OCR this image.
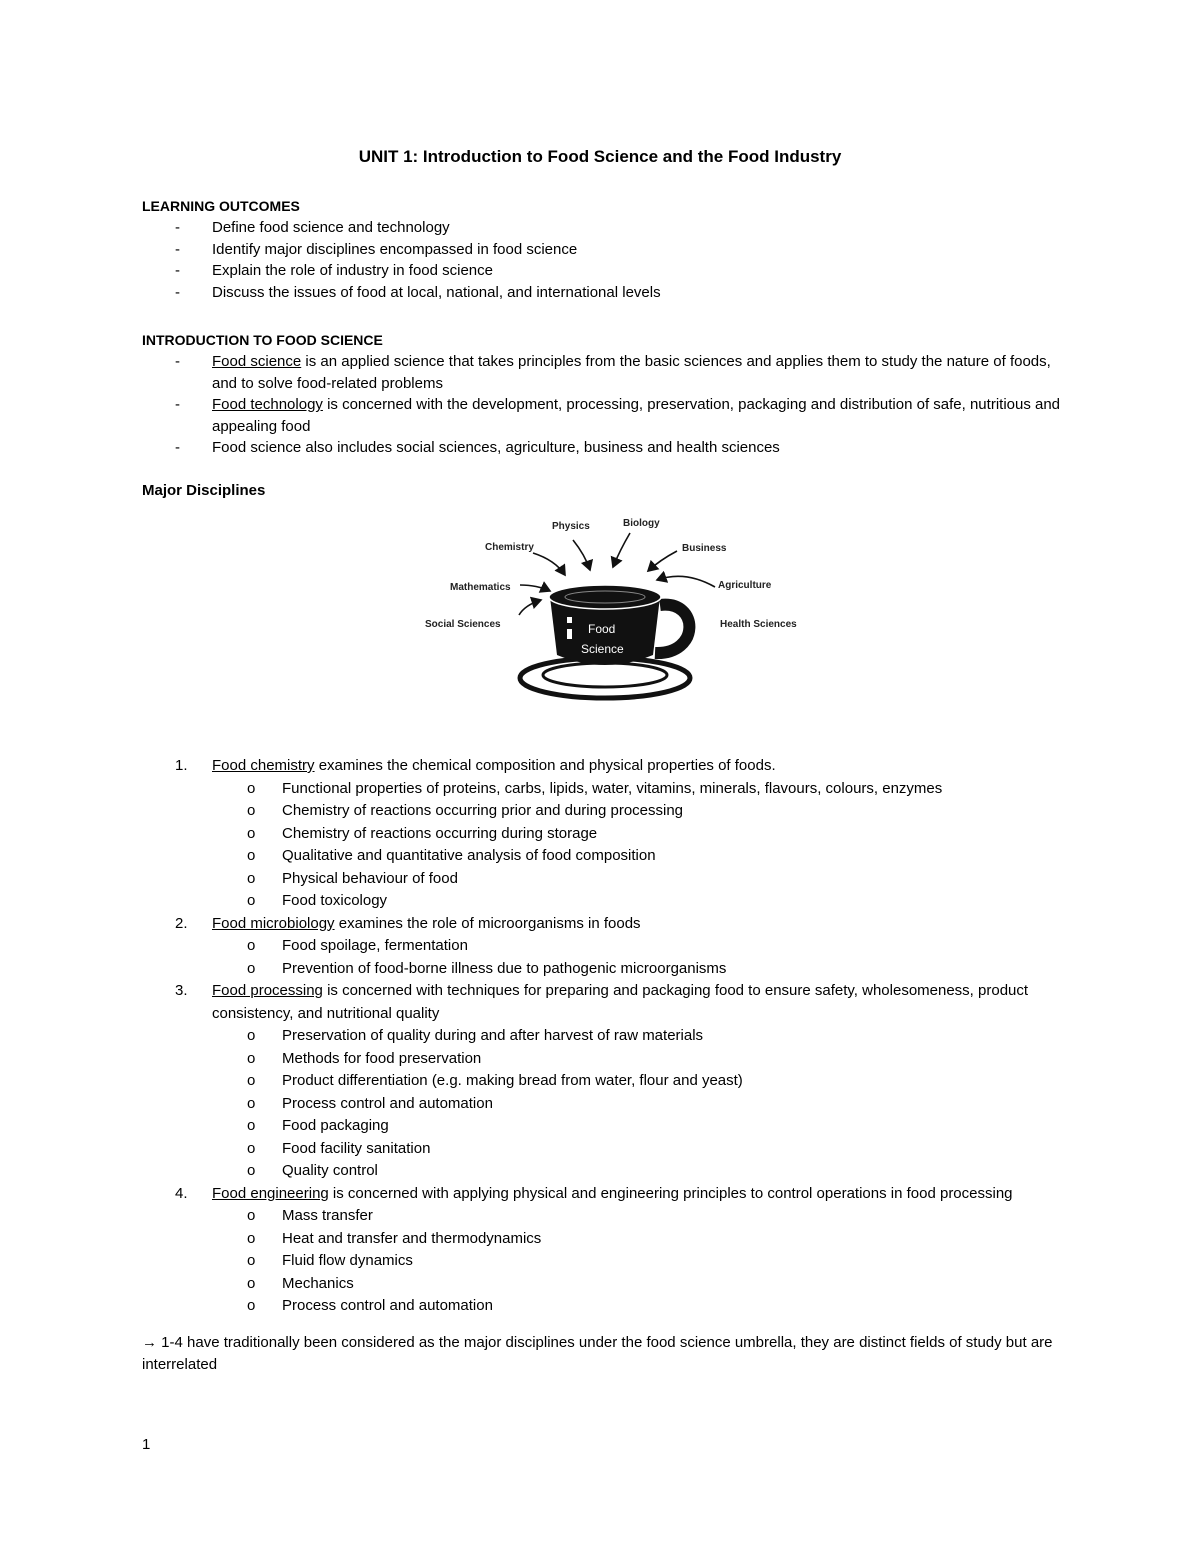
UNIT 1: Introduction to Food Science and the Food Industry
LEARNING OUTCOMES
- Define food science and technology
- Identify major disciplines encompassed in food science
- Explain the role of industry in food science
- Discuss the issues of food at local, national, and international levels
INTRODUCTION TO FOOD SCIENCE
- Food science is an applied science that takes principles from the basic sciences and applies them to study the nature of foods, and to solve food-related problems
- Food technology is concerned with the development, processing, preservation, packaging and distribution of safe, nutritious and appealing food
- Food science also includes social sciences, agriculture, business and health sciences
Major Disciplines
Physics	Biology
Chemistry	Business
Mathematics	Agriculture
Social Sciences	Health Sciences
Food
Science
1. Food chemistry examines the chemical composition and physical properties of foods.
o Functional properties of proteins, carbs, lipids, water, vitamins, minerals, flavours, colours, enzymes
o Chemistry of reactions occurring prior and during processing
o Chemistry of reactions occurring during storage
o Qualitative and quantitative analysis of food composition
o Physical behaviour of food
o Food toxicology
2. Food microbiology examines the role of microorganisms in foods
o Food spoilage, fermentation
o Prevention of food-borne illness due to pathogenic microorganisms
3. Food processing is concerned with techniques for preparing and packaging food to ensure safety, wholesomeness, product consistency, and nutritional quality
o Preservation of quality during and after harvest of raw materials
o Methods for food preservation
o Product differentiation (e.g. making bread from water, flour and yeast)
o Process control and automation
o Food packaging
o Food facility sanitation
o Quality control
4. Food engineering is concerned with applying physical and engineering principles to control operations in food processing
o Mass transfer
o Heat and transfer and thermodynamics
o Fluid flow dynamics
o Mechanics
o Process control and automation
→ 1-4 have traditionally been considered as the major disciplines under the food science umbrella, they are distinct fields of study but are interrelated
1
